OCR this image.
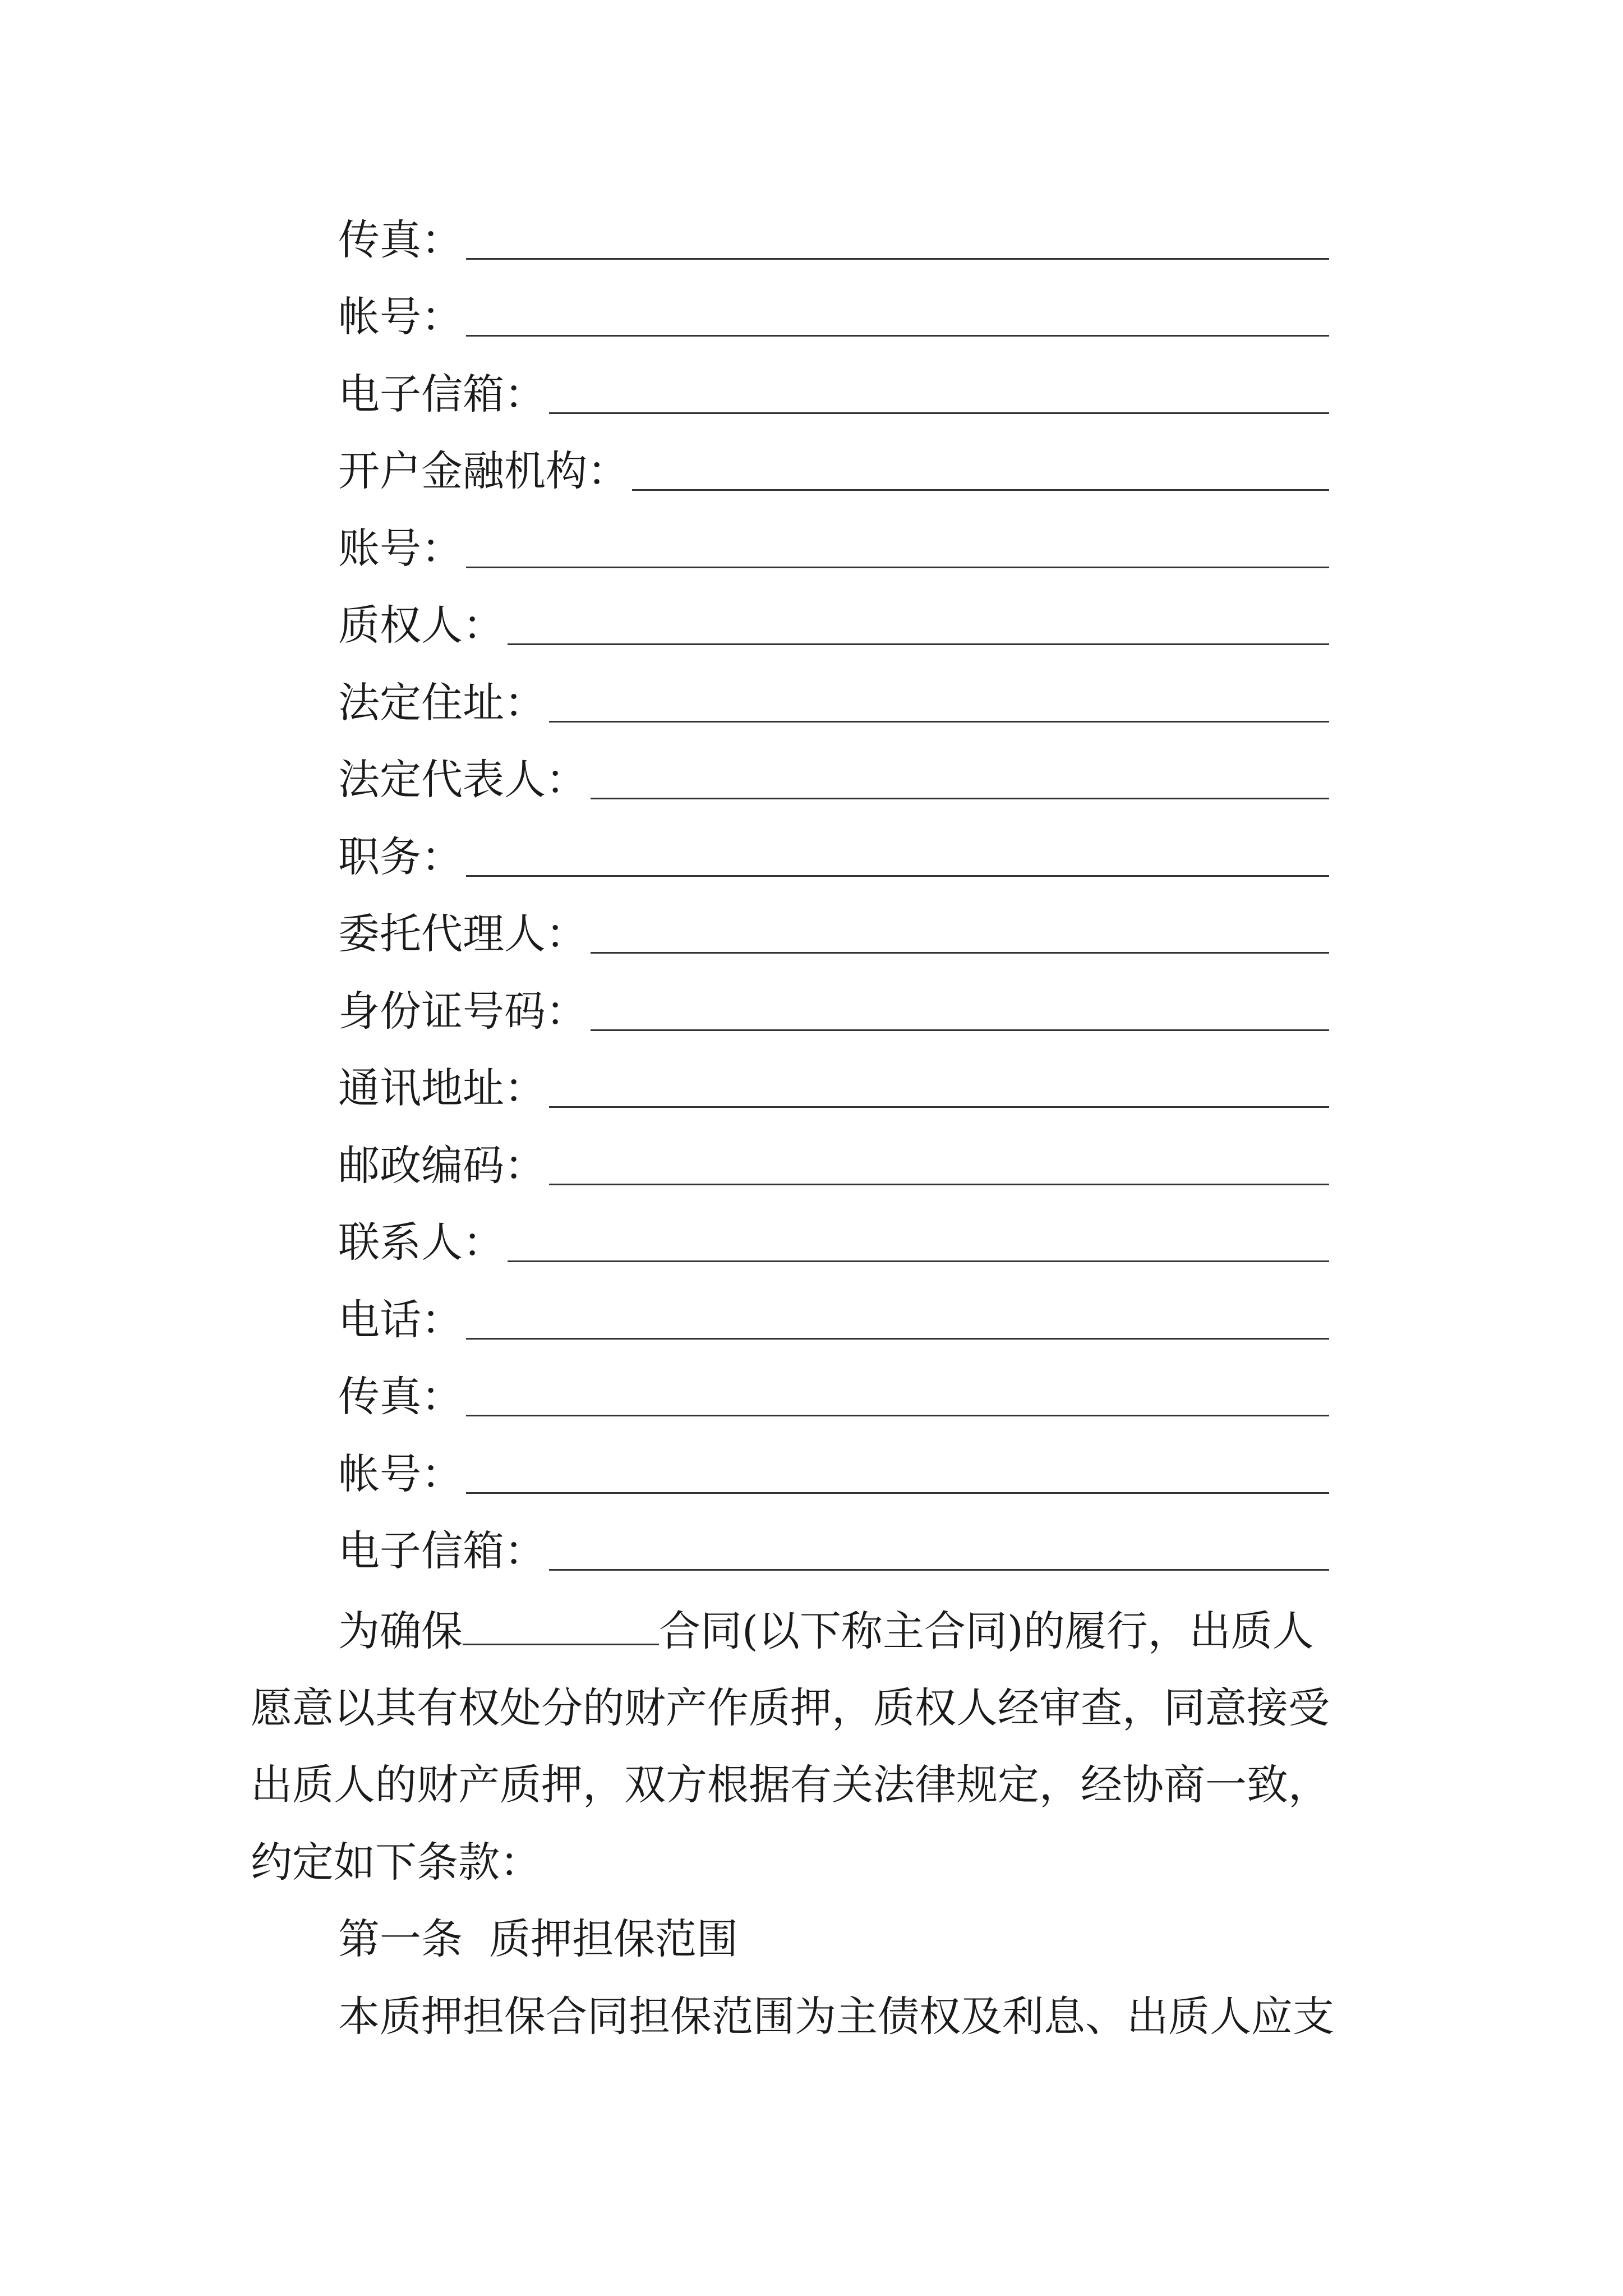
传真：
帐号：
电子信箱：
开户金融机构：
账号：
质权人：
法定住址：
法定代表人：
职务：
委托代理人：
身份证号码：
通讯地址：
邮政编码：
联系人：
电话：
传真：
帐号：
电子信箱：
为确保	合同(以下称主合同)的履行，出质人
愿意以其有权处分的财产作质押，质权人经审查，同意接受
出质人的财产质押，双方根据有关法律规定，经协商一致，
约定如下条款：
第一条  质押担保范围
本质押担保合同担保范围为主债权及利息、出质人应支
